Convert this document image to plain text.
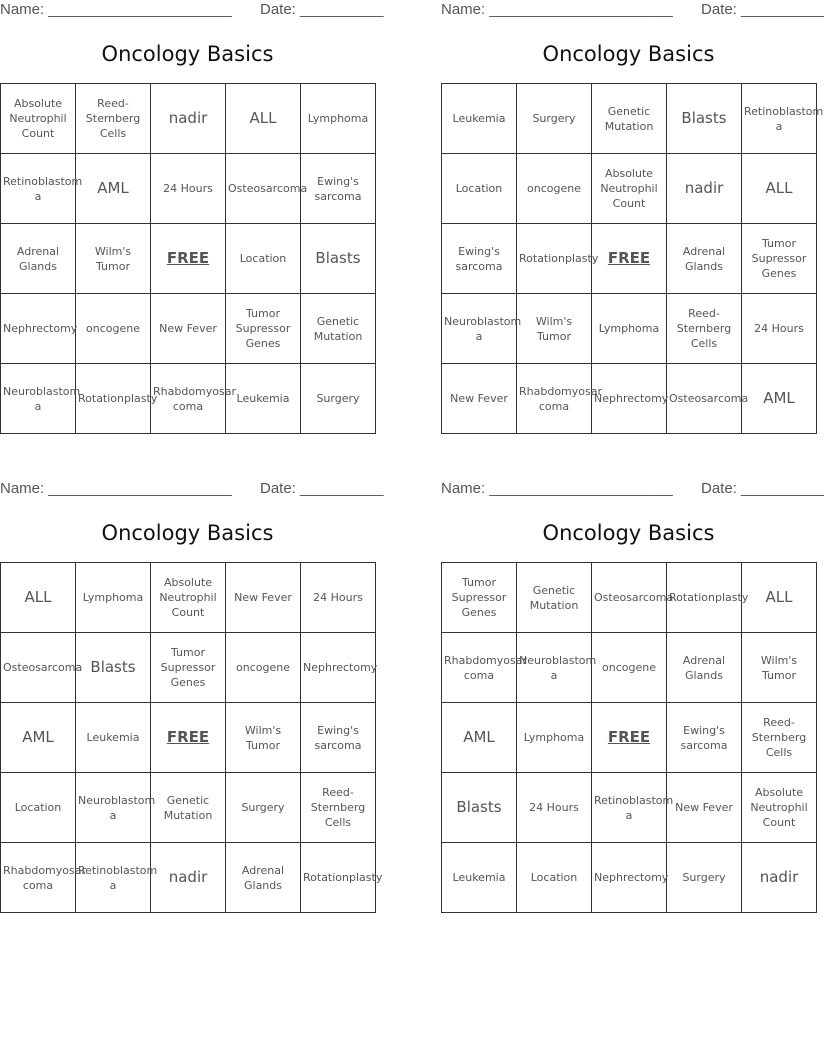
Name: ______________________ Date: __________
Oncology Basics
Absolute Neutrophil Count	Reed-Sternberg Cells	nadir	ALL	Lymphoma
Retinoblastom a	AML	24 Hours	Osteosarcoma	Ewing's sarcoma
Adrenal Glands	Wilm's Tumor	FREE	Location	Blasts
Nephrectomy	oncogene	New Fever	Tumor Supressor Genes	Genetic Mutation
Neuroblastom a	Rotationplasty	Rhabdomyosar coma	Leukemia	Surgery
Name: ______________________ Date: __________
Oncology Basics
Leukemia	Surgery	Genetic Mutation	Blasts	Retinoblastom a
Location	oncogene	Absolute Neutrophil Count	nadir	ALL
Ewing's sarcoma	Rotationplasty	FREE	Adrenal Glands	Tumor Supressor Genes
Neuroblastom a	Wilm's Tumor	Lymphoma	Reed-Sternberg Cells	24 Hours
New Fever	Rhabdomyosar coma	Nephrectomy	Osteosarcoma	AML
Name: ______________________ Date: __________
Oncology Basics
ALL	Lymphoma	Absolute Neutrophil Count	New Fever	24 Hours
Osteosarcoma	Blasts	Tumor Supressor Genes	oncogene	Nephrectomy
AML	Leukemia	FREE	Wilm's Tumor	Ewing's sarcoma
Location	Neuroblastom a	Genetic Mutation	Surgery	Reed-Sternberg Cells
Rhabdomyosar coma	Retinoblastom a	nadir	Adrenal Glands	Rotationplasty
Name: ______________________ Date: __________
Oncology Basics
Tumor Supressor Genes	Genetic Mutation	Osteosarcoma	Rotationplasty	ALL
Rhabdomyosar coma	Neuroblastom a	oncogene	Adrenal Glands	Wilm's Tumor
AML	Lymphoma	FREE	Ewing's sarcoma	Reed-Sternberg Cells
Blasts	24 Hours	Retinoblastom a	New Fever	Absolute Neutrophil Count
Leukemia	Location	Nephrectomy	Surgery	nadir
